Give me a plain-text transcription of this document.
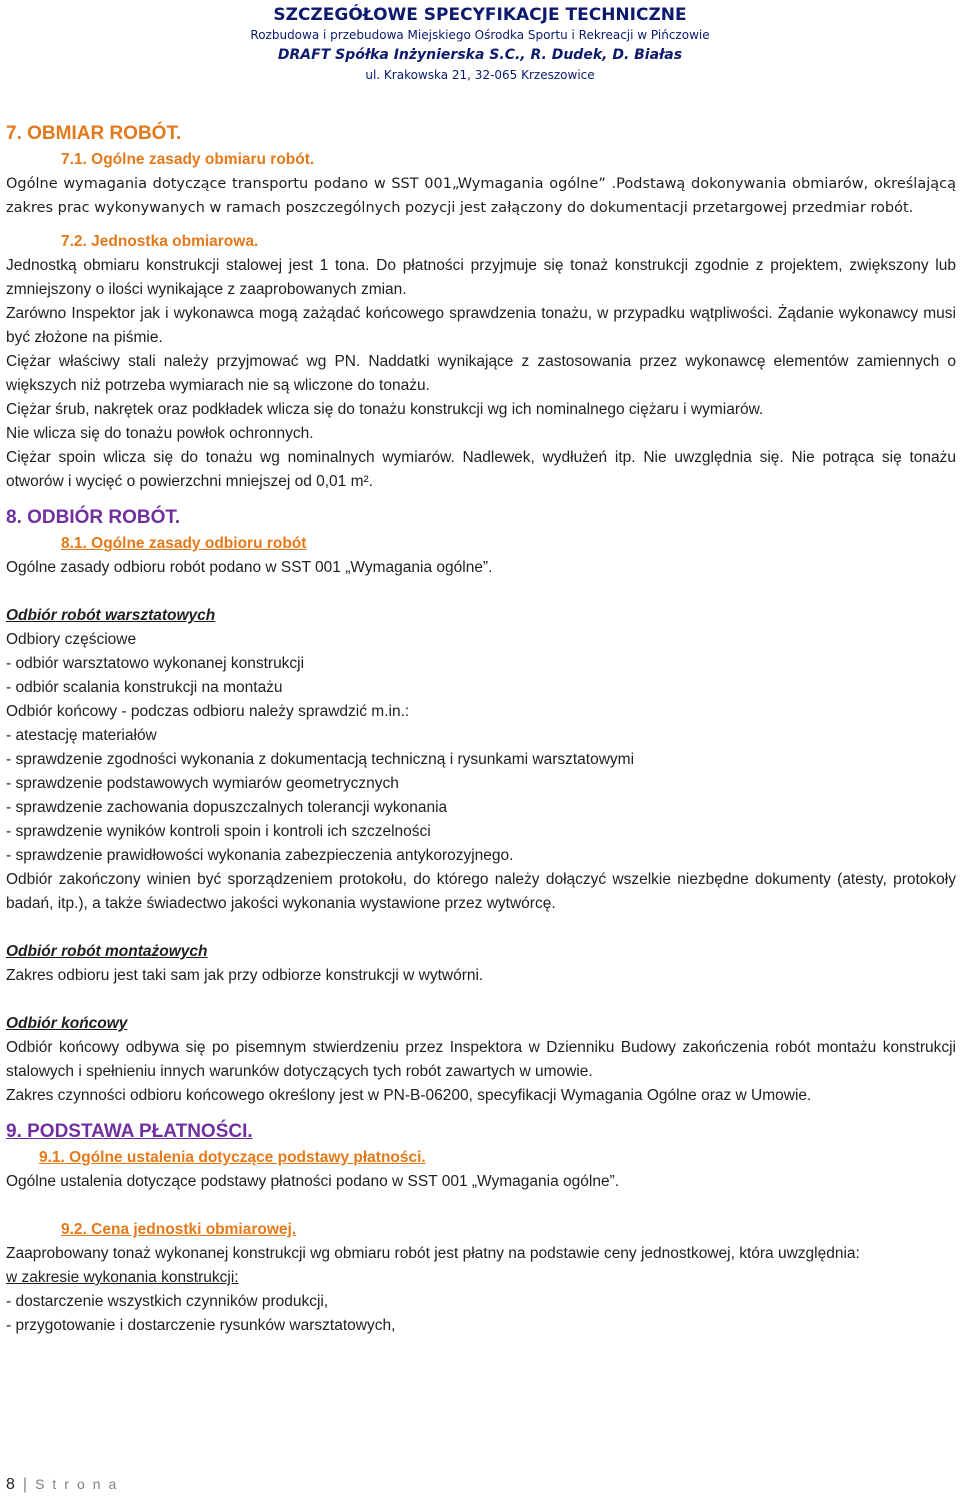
SZCZEGÓŁOWE SPECYFIKACJE TECHNICZNE
Rozbudowa i przebudowa Miejskiego Ośrodka Sportu i Rekreacji w Pińczowie
DRAFT Spółka Inżynierska S.C., R. Dudek, D. Białas
ul. Krakowska 21, 32-065 Krzeszowice

7. OBMIAR ROBÓT.

7.1. Ogólne zasady obmiaru robót.

Ogólne wymagania dotyczące transportu podano w SST 001„Wymagania ogólne” .Podstawą dokonywania obmiarów, określającą zakres prac wykonywanych w ramach poszczególnych pozycji jest załączony do dokumentacji przetargowej przedmiar robót.

7.2. Jednostka obmiarowa.

Jednostką obmiaru konstrukcji stalowej jest 1 tona. Do płatności przyjmuje się tonaż konstrukcji zgodnie z projektem, zwiększony lub zmniejszony o ilości wynikające z zaaprobowanych zmian.

Zarówno Inspektor jak i wykonawca mogą zażądać końcowego sprawdzenia tonażu, w przypadku wątpliwości. Żądanie wykonawcy musi być złożone na piśmie.

Ciężar właściwy stali należy przyjmować wg PN. Naddatki wynikające z zastosowania przez wykonawcę elementów zamiennych o większych niż potrzeba wymiarach nie są wliczone do tonażu.

Ciężar śrub, nakrętek oraz podkładek wlicza się do tonażu konstrukcji wg ich nominalnego ciężaru i wymiarów.

Nie wlicza się do tonażu powłok ochronnych.

Ciężar spoin wlicza się do tonażu wg nominalnych wymiarów. Nadlewek, wydłużeń itp. Nie uwzględnia się. Nie potrąca się tonażu otworów i wycięć o powierzchni mniejszej od 0,01 m².

8. ODBIÓR ROBÓT.

8.1. Ogólne zasady odbioru robót

Ogólne zasady odbioru robót podano w SST 001 „Wymagania ogólne”.

Odbiór robót warsztatowych

Odbiory częściowe

- odbiór warsztatowo wykonanej konstrukcji

- odbiór scalania konstrukcji na montażu

Odbiór końcowy - podczas odbioru należy sprawdzić m.in.:

- atestację materiałów

- sprawdzenie zgodności wykonania z dokumentacją techniczną i rysunkami warsztatowymi

- sprawdzenie podstawowych wymiarów geometrycznych

- sprawdzenie zachowania dopuszczalnych tolerancji wykonania

- sprawdzenie wyników kontroli spoin i kontroli ich szczelności

- sprawdzenie prawidłowości wykonania zabezpieczenia antykorozyjnego.

Odbiór zakończony winien być sporządzeniem protokołu, do którego należy dołączyć wszelkie niezbędne dokumenty (atesty, protokoły badań, itp.), a także świadectwo jakości wykonania wystawione przez wytwórcę.

Odbiór robót montażowych

Zakres odbioru jest taki sam jak przy odbiorze konstrukcji w wytwórni.

Odbiór końcowy

Odbiór końcowy odbywa się po pisemnym stwierdzeniu przez Inspektora w Dzienniku Budowy zakończenia robót montażu konstrukcji stalowych i spełnieniu innych warunków dotyczących tych robót zawartych w umowie.

Zakres czynności odbioru końcowego określony jest w PN-B-06200, specyfikacji Wymagania Ogólne oraz w Umowie.

9. PODSTAWA PŁATNOŚCI.

9.1. Ogólne ustalenia dotyczące podstawy płatności.

Ogólne ustalenia dotyczące podstawy płatności podano w SST 001 „Wymagania ogólne”.

9.2. Cena jednostki obmiarowej.

Zaaprobowany tonaż wykonanej konstrukcji wg obmiaru robót jest płatny na podstawie ceny jednostkowej, która uwzględnia:

w zakresie wykonania konstrukcji:

- dostarczenie wszystkich czynników produkcji,

- przygotowanie i dostarczenie rysunków warsztatowych,

8 | Strona
